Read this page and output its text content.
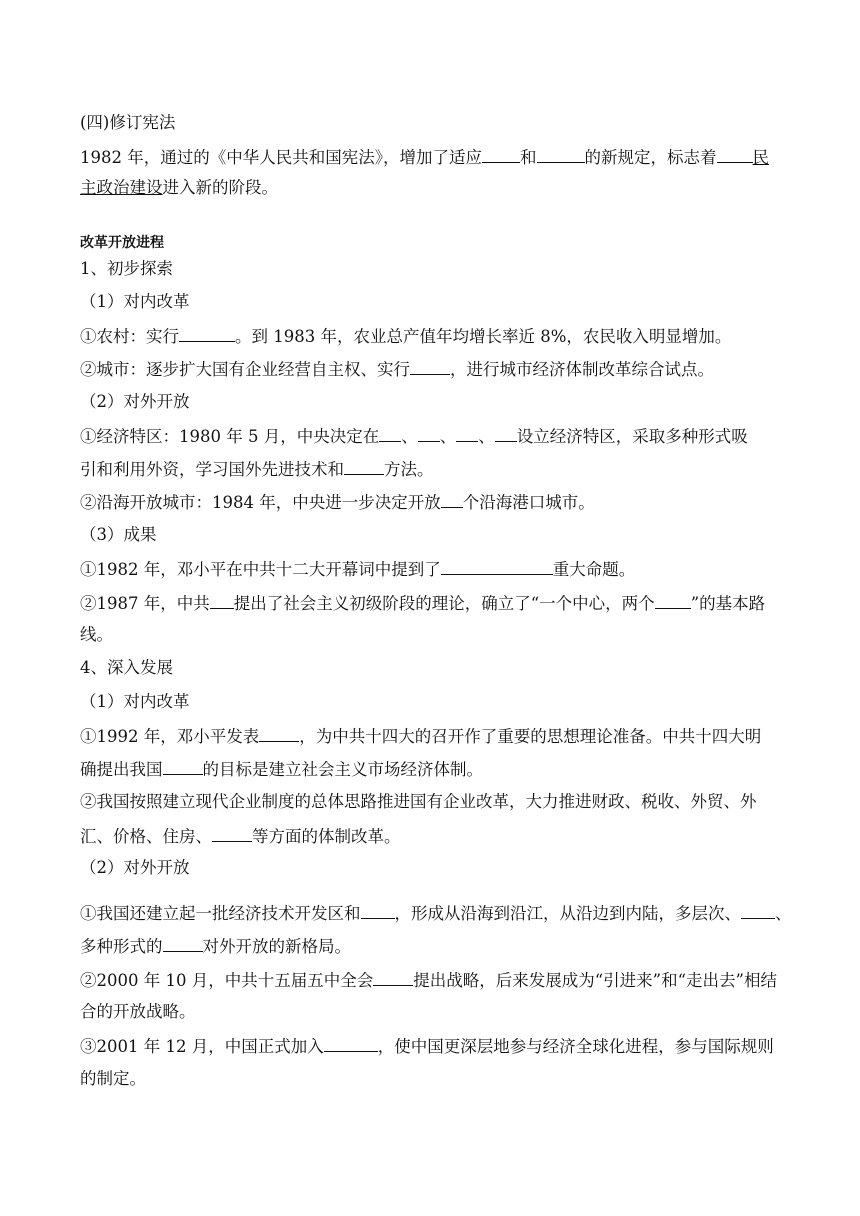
(四)修订宪法
1982 年，通过的《中华人民共和国宪法》，增加了适应 和	的新规定，标志着 民
主政治建设进入新的阶段。
改革开放进程
1、初步探索
（1）对内改革
①农村：实行	。到 1983 年，农业总产值年均增长率近 8%，农民收入明显增加。
②城市：逐步扩大国有企业经营自主权、实行 ，进行城市经济体制改革综合试点。
（2）对外开放
①经济特区：1980 年 5 月，中央决定在 、 、 、 设立经济特区，采取多种形式吸
引和利用外资，学习国外先进技术和 方法。
②沿海开放城市：1984 年，中央进一步决定开放 个沿海港口城市。
（3）成果
①1982 年，邓小平在中共十二大开幕词中提到了	重大命题。
②1987 年，中共 提出了社会主义初级阶段的理论，确立了“一个中心，两个 ”的基本路
线。
4、深入发展
（1）对内改革
①1992 年，邓小平发表 ，为中共十四大的召开作了重要的思想理论准备。中共十四大明
确提出我国 的目标是建立社会主义市场经济体制。
②我国按照建立现代企业制度的总体思路推进国有企业改革，大力推进财政、税收、外贸、外
汇、价格、住房、 等方面的体制改革。
（2）对外开放
①我国还建立起一批经济技术开发区和 ，形成从沿海到沿江，从沿边到内陆，多层次、 、
多种形式的 对外开放的新格局。
②2000 年 10 月，中共十五届五中全会 提出战略，后来发展成为“引进来”和“走出去”相结
合的开放战略。
③2001 年 12 月，中国正式加入	，使中国更深层地参与经济全球化进程，参与国际规则
的制定。
